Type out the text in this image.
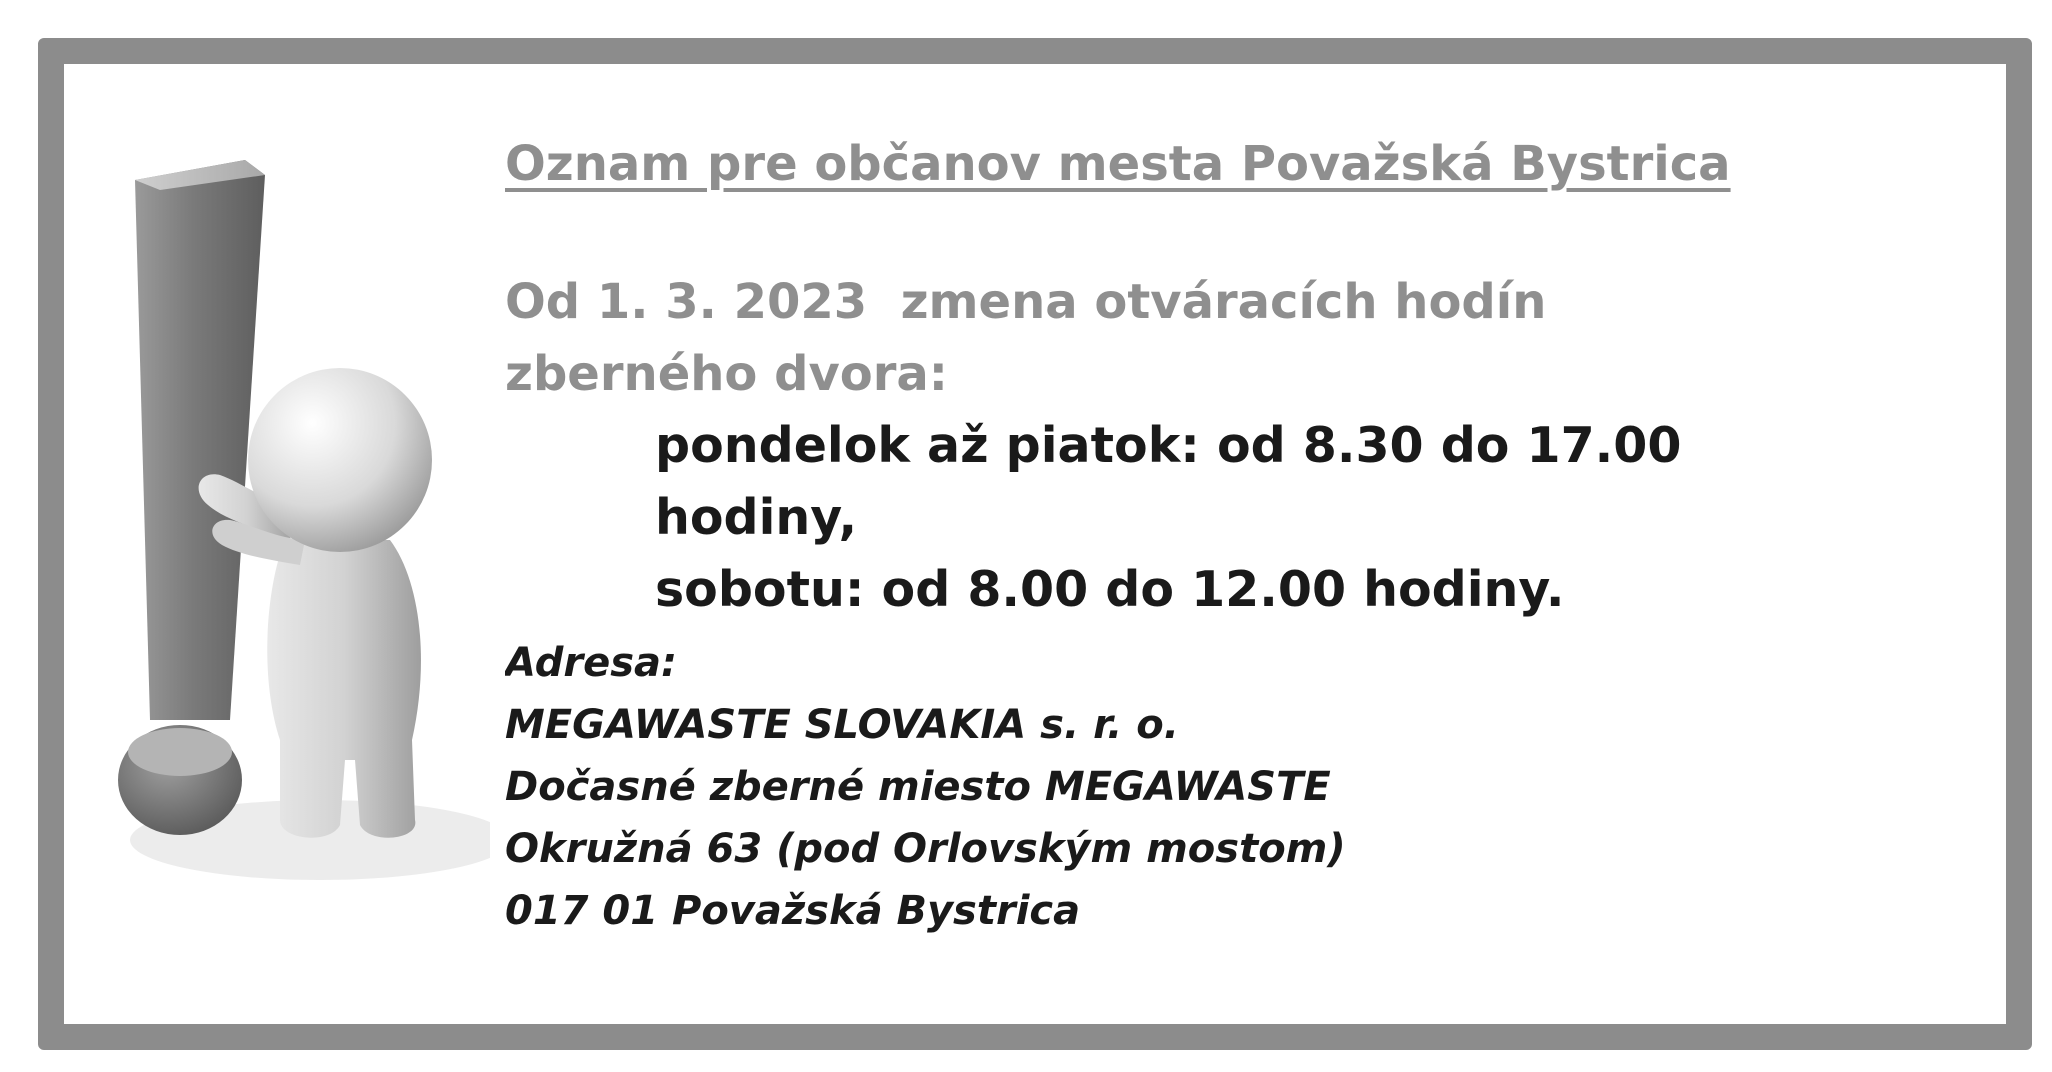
Oznam pre občanov mesta Považská Bystrica
Od 1. 3. 2023  zmena otváracích hodín
zberného dvora:
pondelok až piatok: od 8.30 do 17.00
hodiny,
sobotu: od 8.00 do 12.00 hodiny.
Adresa:
MEGAWASTE SLOVAKIA s. r. o.
Dočasné zberné miesto MEGAWASTE
Okružná 63 (pod Orlovským mostom)
017 01 Považská Bystrica
